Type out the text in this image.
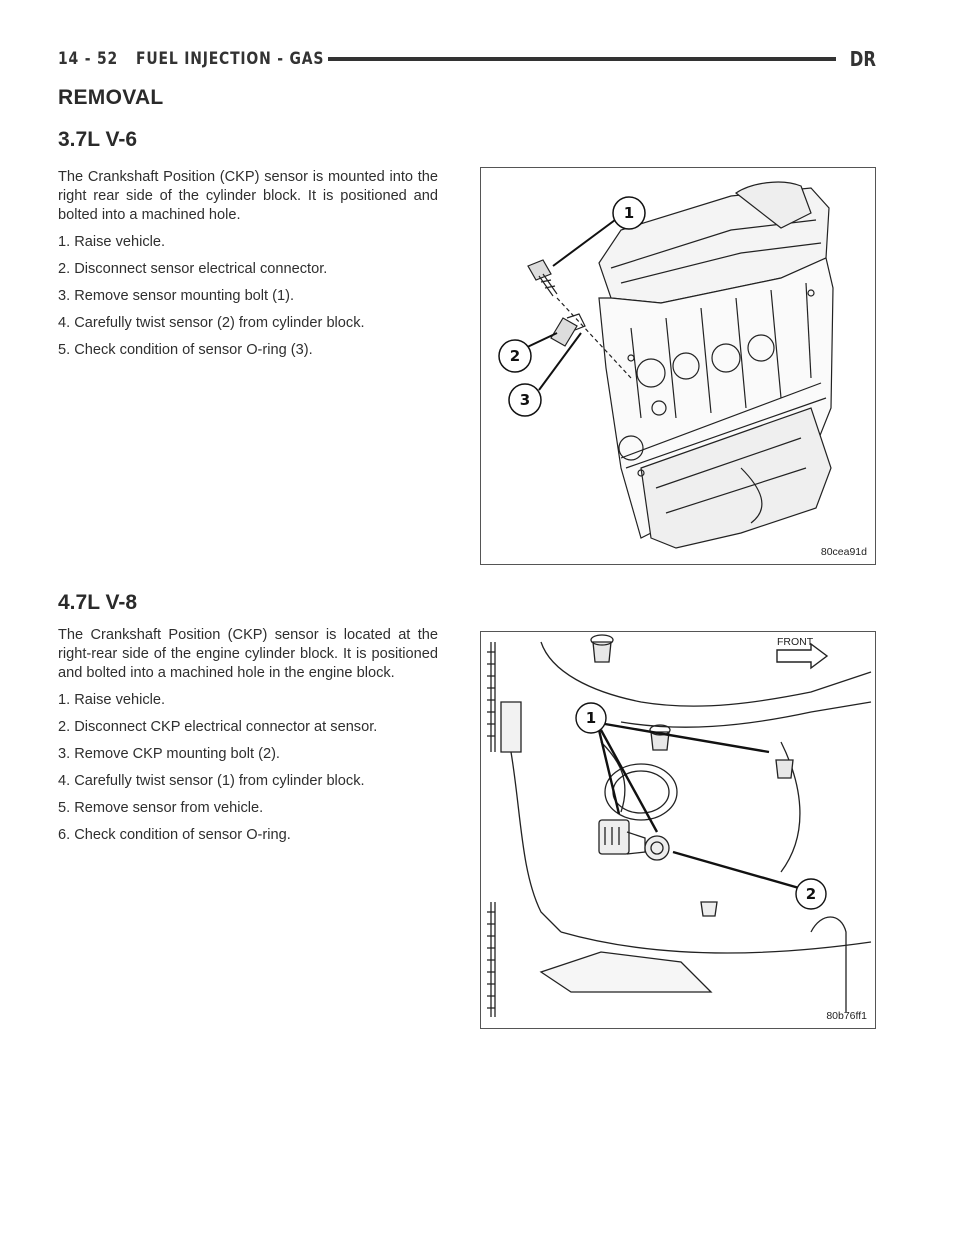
14 - 52 FUEL INJECTION - GAS	DR
REMOVAL
3.7L V-6

The Crankshaft Position (CKP) sensor is mounted into the right rear side of the cylinder block. It is positioned and bolted into a machined hole.

1. Raise vehicle.
2. Disconnect sensor electrical connector.
3. Remove sensor mounting bolt (1).
4. Carefully twist sensor (2) from cylinder block.
5. Check condition of sensor O-ring (3).
1
2
3
80cea91d
4.7L V-8

The Crankshaft Position (CKP) sensor is located at the right-rear side of the engine cylinder block. It is positioned and bolted into a machined hole in the engine block.

1. Raise vehicle.
2. Disconnect CKP electrical connector at sensor.
3. Remove CKP mounting bolt (2).
4. Carefully twist sensor (1) from cylinder block.
5. Remove sensor from vehicle.
6. Check condition of sensor O-ring.
1
2
FRONT
80b76ff1
